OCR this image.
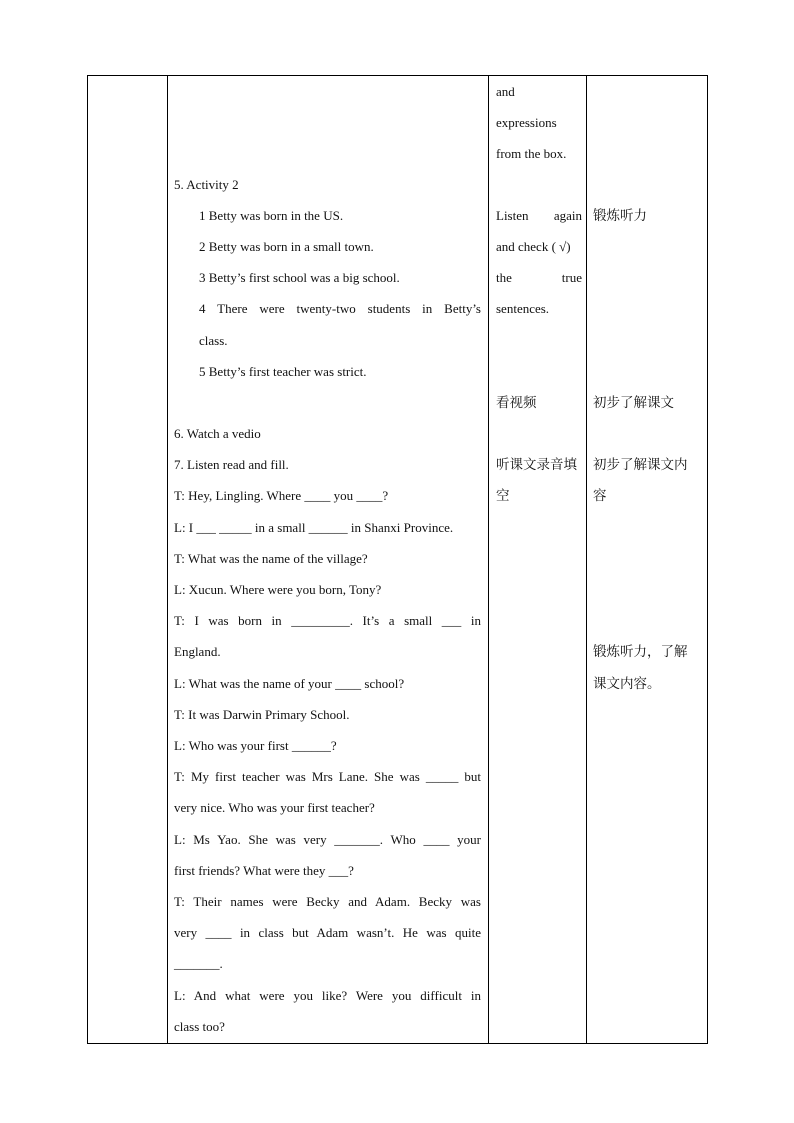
5. Activity 2
1 Betty was born in the US.
2 Betty was born in a small town.
3 Betty’s first school was a big school.
4 There were twenty-two students in Betty’s
class.
5 Betty’s first teacher was strict.
6. Watch a vedio
7. Listen read and fill.
T: Hey, Lingling. Where ____ you ____?
L: I ___ _____ in a small ______ in Shanxi Province.
T: What was the name of the village?
L: Xucun. Where were you born, Tony?
T: I was born in _________. It’s a small ___ in
England.
L: What was the name of your ____ school?
T: It was Darwin Primary School.
L: Who was your first ______?
T: My first teacher was Mrs Lane. She was _____ but
very nice. Who was your first teacher?
L: Ms Yao. She was very _______. Who ____ your
first friends? What were they ___?
T: Their names were Becky and Adam. Becky was
very ____ in class but Adam wasn’t. He was quite
_______.
L: And what were you like? Were you difficult in
class too?

and
expressions
from the box.
Listen again
and check ( √)
the true
sentences.
看视频
听课文录音填
空

锻炼听力
初步了解课文
初步了解课文内
容
锻炼听力，了解
课文内容。
